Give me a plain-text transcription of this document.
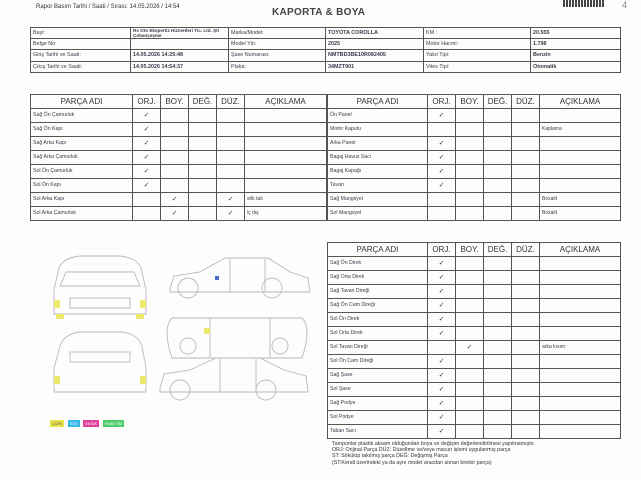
Rapor Basım Tarihi / Saati / Sırası: 14.05.2026 / 14:54	KAPORTA & BOYA
4
Bayi:	Rs Oto Ekspertiz Hizmetleri Tic. Ltd. Şti Çobançeşme	Marka/Model:	TOYOTA COROLLA	KM :	20.555
Belge No:		Model Yılı:	2025	Motor Hacmi:	1.798
Giriş Tarihi ve Saati:	14.05.2026 14:25:48	Şase Numarası:	NMTBD3BE10R082405	Yakıt Tipi:	Benzin
Çıkış Tarihi ve Saati:	14.05.2026 14:54:37	Plaka:	34MZT901	Vites Tipi:	Otomatik
PARÇA ADI	ORJ.	BOY.	DEĞ.	DÜZ.	AÇIKLAMA
Sağ Ön Çamurluk	✓				
Sağ Ön Kapı	✓				
Sağ Arka Kapı	✓				
Sağ Arka Çamurluk	✓				
Sol Ön Çamurluk	✓				
Sol Ön Kapı	✓				
Sol Arka Kapı		✓		✓	sök tak
Sol Arka Çamurluk		✓		✓	iç dış
PARÇA ADI	ORJ.	BOY.	DEĞ.	DÜZ.	AÇIKLAMA
Ön Panel	✓				
Motor Kaputu					Kaplama
Arka Panel	✓				
Bagaj Havuz Sacı	✓				
Bagaj Kapağı	✓				
Tavan	✓				
Sağ Marşpiyel					Boxalit
Sol Marşpiyel					Boxalit
PARÇA ADI	ORJ.	BOY.	DEĞ.	DÜZ.	AÇIKLAMA
Sağ Ön Direk	✓				
Sağ Orta Direk	✓				
Sağ Tavan Direği	✓				
Sağ Ön Cam Direği	✓				
Sol Ön Direk	✓				
Sol Orta Direk	✓				
Sol Tavan Direği		✓			arka kısım
Sol Ön Cam Direği	✓				
Sağ Şase	✓				
Sol Şase	✓				
Sağ Podye	✓				
Sol Podye	✓				
Taban Sacı	✓				
Tamponlar plastik aksam olduğundan boya ve değişim değerlendirilmesi yapılmamıştır.
ORJ: Orijinal Parça DÜZ: Düzeltme ve/veya macun işlemi uygulanmış parça
ST: Sökülüp takılmış parça DEĞ: Değişmiş Parça
(ST:Kendi üzerindeki ya da aynı model aracdan alınan birebir parça)
ÇİZİK STK EKSİK PAKETİM
